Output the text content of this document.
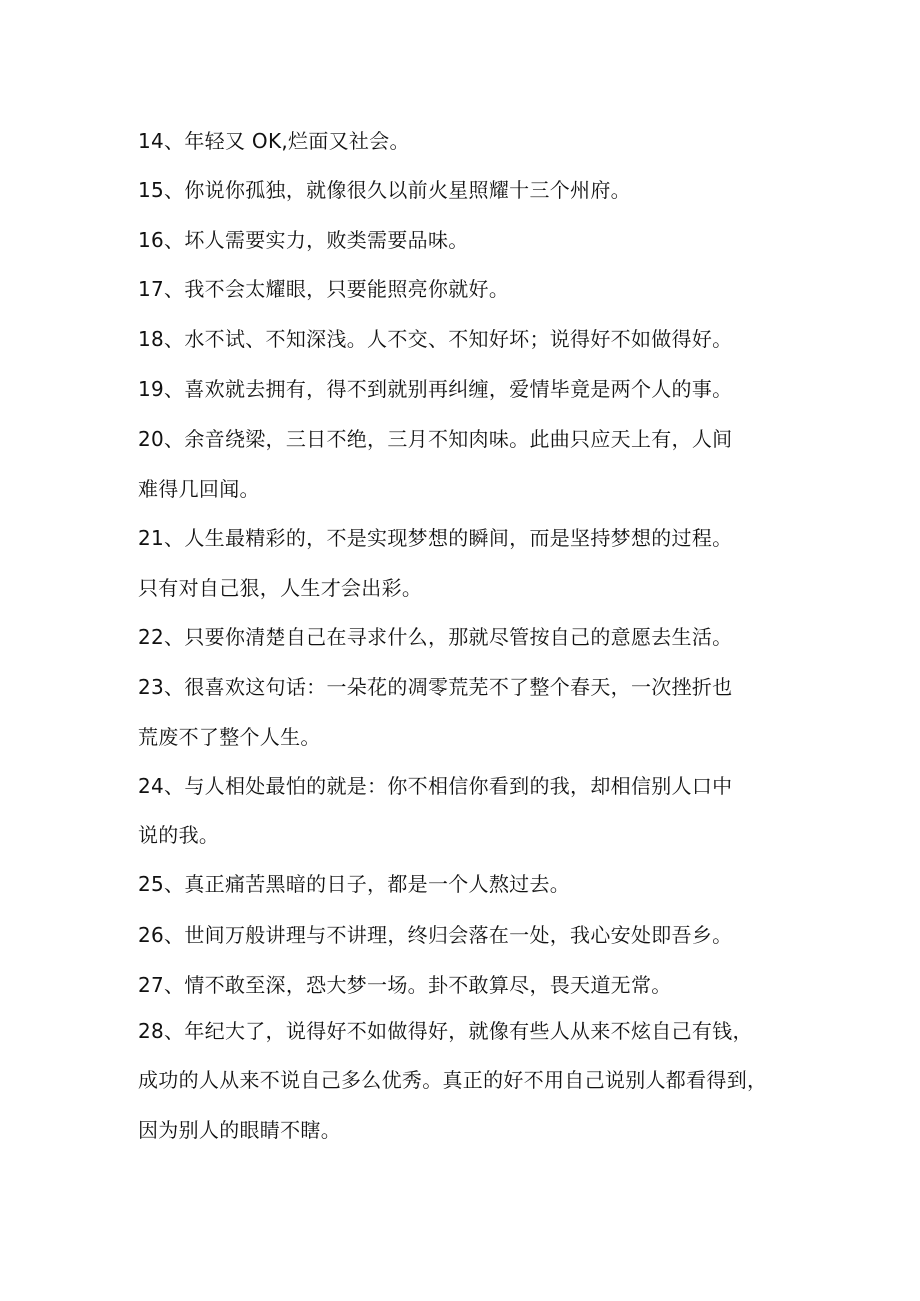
14、年轻又 OK,烂面又社会。
15、你说你孤独，就像很久以前火星照耀十三个州府。
16、坏人需要实力，败类需要品味。
17、我不会太耀眼，只要能照亮你就好。
18、水不试、不知深浅。人不交、不知好坏；说得好不如做得好。
19、喜欢就去拥有，得不到就别再纠缠，爱情毕竟是两个人的事。
20、余音绕梁，三日不绝，三月不知肉味。此曲只应天上有，人间
难得几回闻。
21、人生最精彩的，不是实现梦想的瞬间，而是坚持梦想的过程。
只有对自己狠，人生才会出彩。
22、只要你清楚自己在寻求什么，那就尽管按自己的意愿去生活。
23、很喜欢这句话：一朵花的凋零荒芜不了整个春天，一次挫折也
荒废不了整个人生。
24、与人相处最怕的就是：你不相信你看到的我，却相信别人口中
说的我。
25、真正痛苦黑暗的日子，都是一个人熬过去。
26、世间万般讲理与不讲理，终归会落在一处，我心安处即吾乡。
27、情不敢至深，恐大梦一场。卦不敢算尽，畏天道无常。
28、年纪大了，说得好不如做得好，就像有些人从来不炫自己有钱，
成功的人从来不说自己多么优秀。真正的好不用自己说别人都看得到，
因为别人的眼睛不瞎。
